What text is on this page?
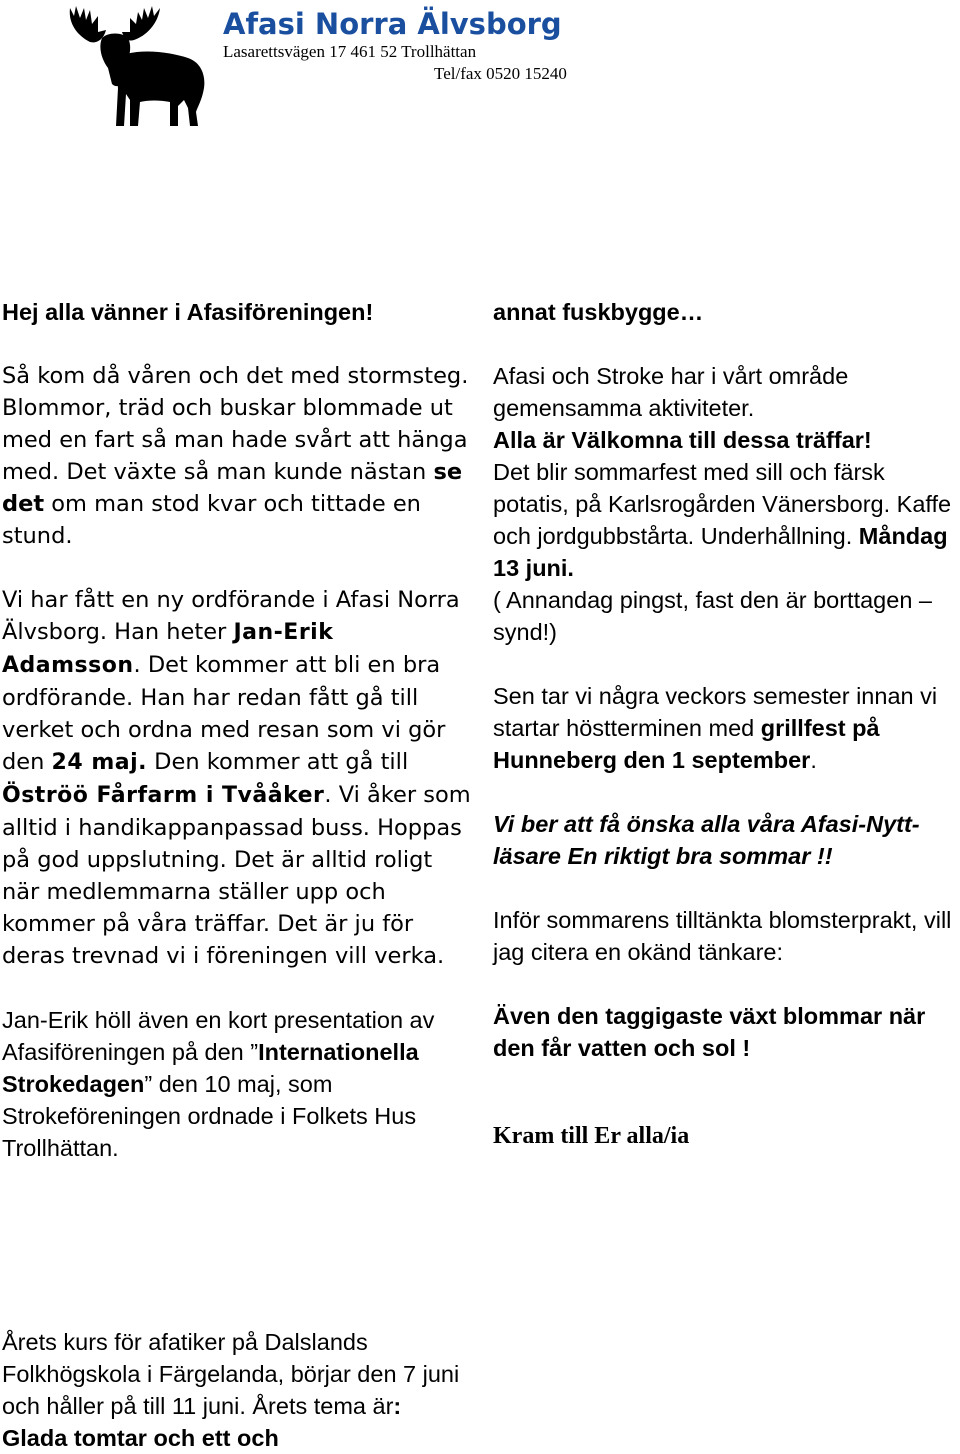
Afasi Norra Älvsborg
Lasarettsvägen 17 461 52 Trollhättan
Tel/fax 0520 15240

Hej alla vänner i Afasiföreningen!

Så kom då våren och det med stormsteg. Blommor, träd och buskar blommade ut med en fart så man hade svårt att hänga med. Det växte så man kunde nästan se det om man stod kvar och tittade en stund.

Vi har fått en ny ordförande i Afasi Norra Älvsborg. Han heter Jan-Erik Adamsson. Det kommer att bli en bra ordförande. Han har redan fått gå till verket och ordna med resan som vi gör den 24 maj. Den kommer att gå till Öströö Fårfarm i Tvååker. Vi åker som alltid i handikappanpassad buss. Hoppas på god uppslutning. Det är alltid roligt när medlemmarna ställer upp och kommer på våra träffar. Det är ju för deras trevnad vi i föreningen vill verka.

Jan-Erik höll även en kort presentation av Afasiföreningen på den ”Internationella Strokedagen” den 10 maj, som Strokeföreningen ordnade i Folkets Hus Trollhättan.

Årets kurs för afatiker på Dalslands Folkhögskola i Färgelanda, börjar den 7 juni och håller på till 11 juni. Årets tema är: Glada tomtar och ett och

annat fuskbygge…

Afasi och Stroke har i vårt område gemensamma aktiviteter.
Alla är Välkomna till dessa träffar!
Det blir sommarfest med sill och färsk potatis, på Karlsrogården Vänersborg. Kaffe och jordgubbstårta. Underhållning. Måndag 13 juni.
( Annandag pingst, fast den är borttagen – synd!)

Sen tar vi några veckors semester innan vi startar höstterminen med grillfest på Hunneberg den 1 september.

Vi ber att få önska alla våra Afasi-Nytt-läsare En riktigt bra sommar !!

Inför sommarens tilltänkta blomsterprakt, vill jag citera en okänd tänkare:

Även den taggigaste växt blommar när den får vatten och sol !

Kram till Er alla/ia
